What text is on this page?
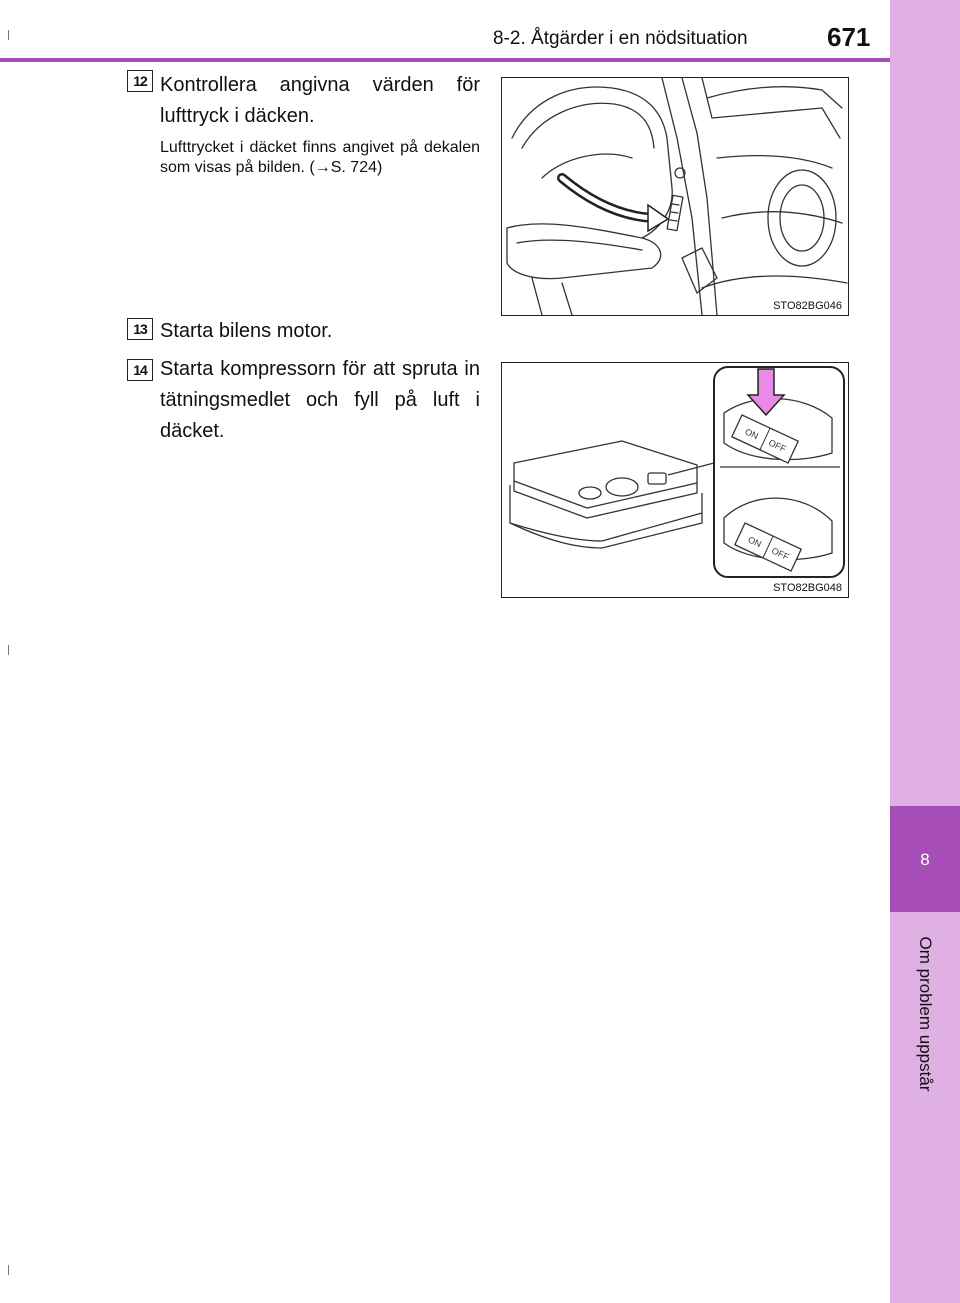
8
Om problem uppstår
8-2. Åtgärder i en nödsituation	671
12 Kontrollera angivna värden för lufttryck i däcken.
Lufttrycket i däcket finns angivet på dekalen som visas på bilden. (→S. 724)
STO82BG046
13 Starta bilens motor.
14 Starta kompressorn för att spruta in tätningsmedlet och fyll på luft i däcket.	ON
OFF
ON
OFF
STO82BG048
